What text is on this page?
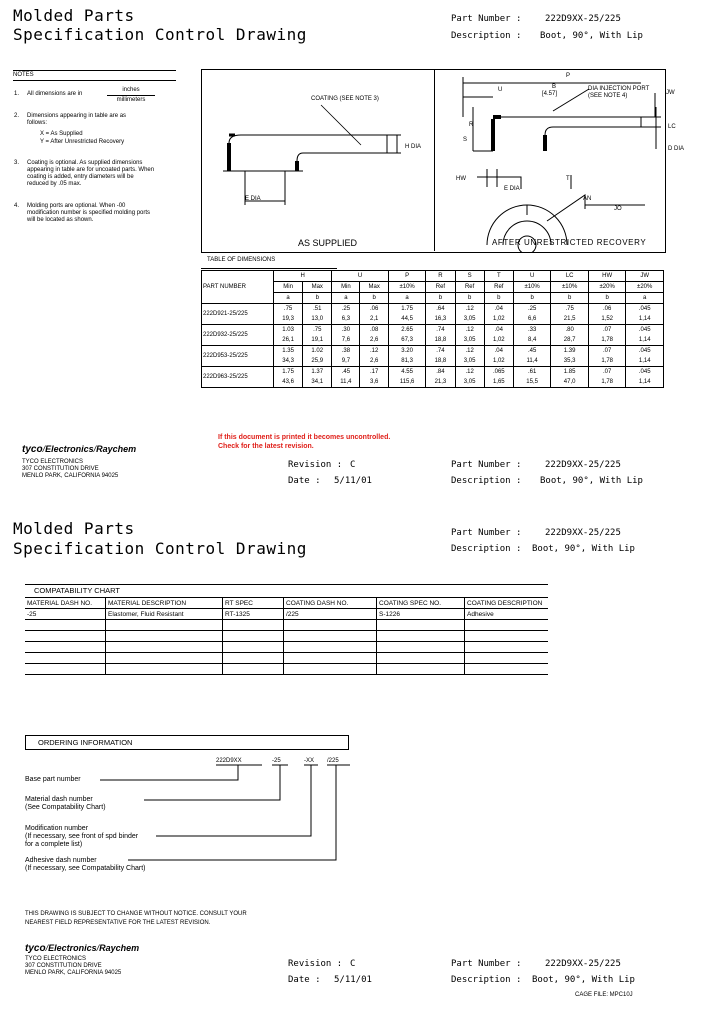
Molded Parts
Specification Control Drawing
Part Number :	222D9XX-25/225
Description : Boot, 90°, With Lip
NOTES
1. All dimensions are in
inches
millimeters
2. Dimensions appearing in table are as follows:
X = As Supplied
Y = After Unrestricted Recovery
3. Coating is optional. As supplied dimensions appearing in table are for uncoated parts. When coating is added, entry diameters will be reduced by .05 max.
4. Molding ports are optional. When -00 modification number is specified molding ports will be located as shown.
COATING (SEE NOTE 3)
H DIA
E DIA
AS SUPPLIED
P
B
[4.57]
U	DIA INJECTION PORT (SEE NOTE 4)	JW
R
S
LC
D DIA
HW
E DIA
T
AN
JO
AFTER UNRESTRICTED RECOVERY
TABLE OF DIMENSIONS
PART NUMBER	H		U		P	R	S	T	U	LC	HW	JW
	Min	Max	Min	Max	±10%	Ref	Ref	Ref	±10%	±10%	±20%	±20%
	a	b	a	b	a	b	b	b	b	b	b	a
222D921-25/225	.75	.51	.25	.06	1.75	.64	.12	.04	.25	.75	.06	.045
	19,3	13,0	6,3	2,1	44,5	16,3	3,05	1,02	6,6	21,5	1,52	1,14
222D932-25/225	1.03	.75	.30	.08	2.65	.74	.12	.04	.33	.80	.07	.045
	26,1	19,1	7,6	2,6	67,3	18,8	3,05	1,02	8,4	28,7	1,78	1,14
222D953-25/225	1.35	1.02	.38	.12	3.20	.74	.12	.04	.45	1.39	.07	.045
	34,3	25,9	9,7	2,6	81,3	18,8	3,05	1,02	11,4	35,3	1,78	1,14
222D963-25/225	1.75	1.37	.45	.17	4.55	.84	.12	.065	.61	1.85	.07	.045
	43,6	34,1	11,4	3,6	115,6	21,3	3,05	1,65	15,5	47,0	1,78	1,14
tyco/Electronics/Raychem
TYCO ELECTRONICS
307 CONSTITUTION DRIVE
MENLO PARK, CALIFORNIA 94025
If this document is printed it becomes uncontrolled.
Check for the latest revision.
Revision : C
Date : 5/11/01
Part Number :	222D9XX-25/225
Description : Boot, 90°, With Lip
Molded Parts
Specification Control Drawing
Part Number :	222D9XX-25/225
Description : Boot, 90°, With Lip
COMPATABILITY CHART
MATERIAL DASH NO.	MATERIAL DESCRIPTION	RT SPEC	COATING DASH NO.	COATING SPEC NO.	COATING DESCRIPTION
-25	Elastomer, Fluid Resistant	RT-1325	/225	S-1226	Adhesive

ORDERING INFORMATION
222D9XX	-25	-XX /225
Base part number
Material dash number
(See Compatability Chart)
Modification number
(If necessary, see front of spd binder
for a complete list)
Adhesive dash number
(If necessary, see Compatability Chart)
THIS DRAWING IS SUBJECT TO CHANGE WITHOUT NOTICE. CONSULT YOUR
NEAREST FIELD REPRESENTATIVE FOR THE LATEST REVISION.
tyco/Electronics/Raychem
TYCO ELECTRONICS
307 CONSTITUTION DRIVE
MENLO PARK, CALIFORNIA 94025
Revision : C
Date : 5/11/01
Part Number :	222D9XX-25/225
Description : Boot, 90°, With Lip
CAGE FILE: MPC10J
